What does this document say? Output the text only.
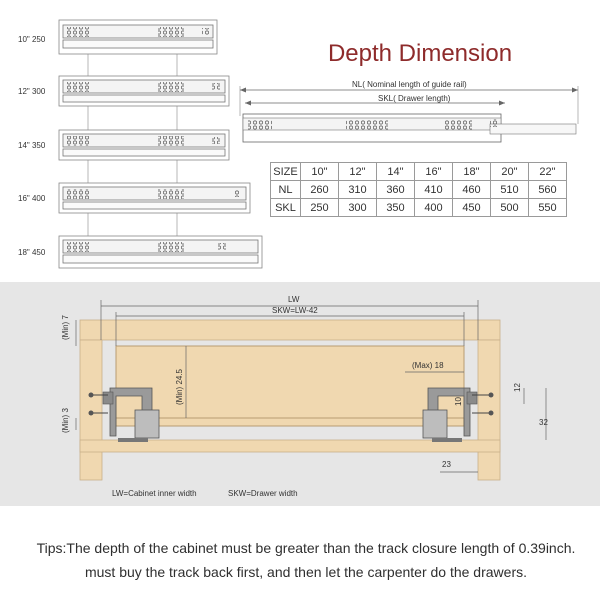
Depth Dimension
10" 250
12" 300
14" 350
16" 400
18" 450
NL( Nominal length of guide rail)
SKL( Drawer length)
LW
SKW=LW-42
(Min) 7
(Min) 24.5
(Min) 3
(Max) 18
10
12
32
23
LW=Cabinet inner width	SKW=Drawer width
SIZE	10"	12"	14"	16"	18"	20"	22"
NL	260	310	360	410	460	510	560
SKL	250	300	350	400	450	500	550
Tips:The depth of the cabinet must be greater than the track closure length of 0.39inch.
must buy the track back first, and then let the carpenter do the drawers.
